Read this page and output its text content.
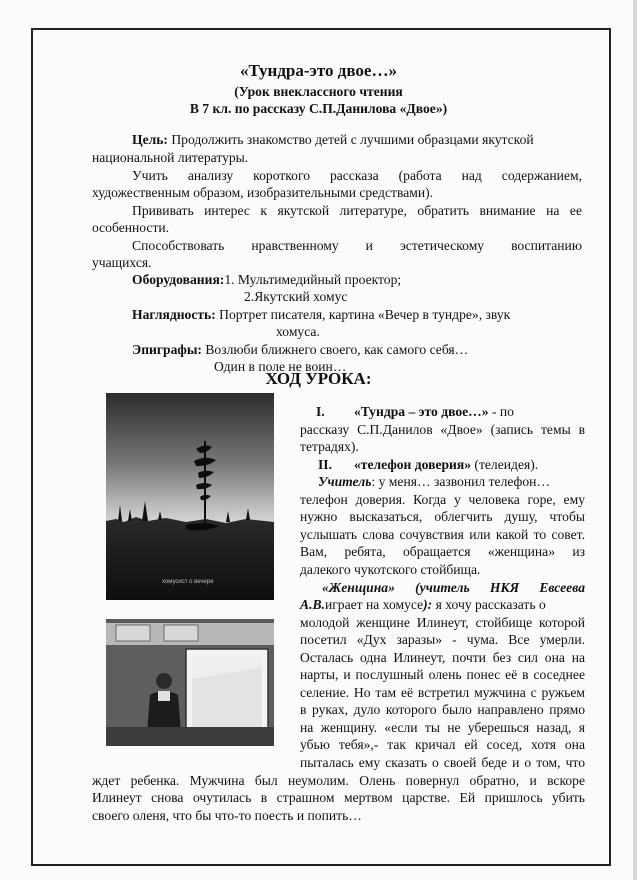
«Тундра-это двое…»
(Урок внеклассного чтения
В 7 кл. по рассказу С.П.Данилова «Двое»)
Цель: Продолжить знакомство детей с лучшими образцами якутской
национальной литературы.
Учить анализу короткого рассказа (работа над содержанием,
художественным образом, изобразительными средствами).
Прививать интерес к якутской литературе, обратить внимание на ее
особенности.
Способствовать нравственному и эстетическому воспитанию
учащихся.
Оборудования:1. Мультимедийный проектор;
2.Якутский хомус
Наглядность: Портрет писателя, картина «Вечер в тундре», звук
хомуса.
Эпиграфы: Возлюби ближнего своего, как самого себя…
Один в поле не воин…
ХОД УРОКА:
хомусист о вечере
I. «Тундра – это двое…» - по
рассказу С.П.Данилов «Двое» (запись темы в
тетрадях).
II. «телефон доверия» (телеидея).
Учитель: у меня… зазвонил телефон…
телефон доверия. Когда у человека горе, ему
нужно высказаться, облегчить душу, чтобы
услышать слова сочувствия или какой то совет.
Вам, ребята, обращается «женщина» из
далекого чукотского стойбища.
«Женщина» (учитель НКЯ Евсеева
А.В.играет на хомусе): я хочу рассказать о
молодой женщине Илинеут, стойбище которой
посетил «Дух заразы» - чума. Все умерли.
Осталась одна Илинеут, почти без сил она на
нарты, и послушный олень понес её в соседнее
селение. Но там её встретил мужчина с ружьем
в руках, дуло которого было направлено прямо
на женщину. «если ты не уберешься назад, я
убью тебя»,- так кричал ей сосед, хотя она
пыталась ему сказать о своей беде и о том, что
ждет ребенка. Мужчина был неумолим. Олень повернул обратно, и вскоре
Илинеут снова очутилась в страшном мертвом царстве. Ей пришлось убить
своего оленя, что бы что-то поесть и попить…
